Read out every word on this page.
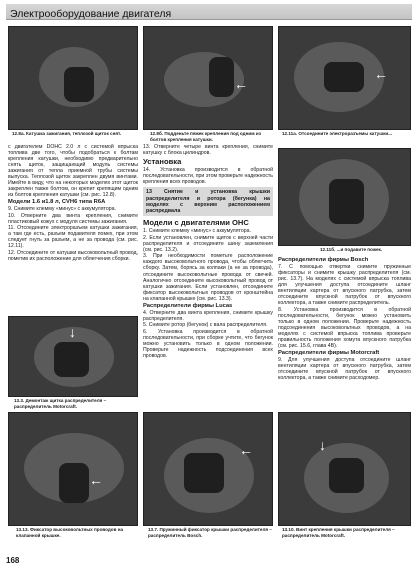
Электрооборудование двигателя
12.8а. Катушка зажигания, теплозой щиток снят.
←
12.8б. Подденьте пяжек крепления под одним из болтов крепления катушки.
←
12.11а. Отсоедините электроразъемы катушки...
12.11б. ...и подавите пожек.
↓
13.3. Демонтаж щитка распределителя – распределитель Motorcraft.
←
13.13. Фиксатор высоковольтных проводов на клапанной крышке.
←
13.7. Пружинный фиксатор крышки распределителя – распределитель Bosch.
↓
13.10. Винт крепления крышки распределителя – распределитель Motorcraft.

с двигателем DOHC 2.0 л с системой впрыска топлива две того, чтобы подобраться к болтам крепления катушки, необходимо предварительно снять щиток, защищающий модуль системы зажигания от тепла приемной трубы системы выпуска. Теплозой щиток закреплен двумя винтами. Имейте в виду, что на некоторых моделях этот щиток закреплен также болтом, он крепит крепящим одним из болтов крепления катушки (см. рис. 12.8).

Модели 1.6 и1.8 л, CVH6 типа R6A

9. Снимите клемму «минус» с аккумулятора.

10. Отверните два винта крепления, снимите пластиковый кожух с модуля системы зажигания.

11. Отсоедините электроразъем катушки зажигания, а там где есть, разъем подавителя помех, при этом следует гнуть за разъем, а не за провода (см. рис. 12.11).

12. Отсоедините от катушки высоковольтный провод, пометив их расположение для облегчения сборки.

13. Отверните четыре винта крепления, снимите катушку с блока цилиндров.

Установка

14. Установка производится в обратной последовательности, при этом проверьте надежность крепления всех проводов.

13 Снятие и установка крышки распределителя и ротора (бегунка) на моделях с верхним расположением распредвала
Модели с двигателями OHC

1. Снимите клемму «минус» с аккумулятора.

2. Если установлен, снимите щиток с верхней части распределителя и отсоедините шину заземления (см. рис. 13.2).

3. При необходимости пометьте расположение каждого высоковольтного провода, чтобы облегчить сборку. Затем, борясь за колпаки (а не за провода), отсоедините высоковольтные провода от свечей. Аналогично отсоедините высоковольтный провод от катушки зажигания. Если установлен, отсоедините фиксатор высоковольтных проводов от кронштейна на клапанной крышке (см. рис. 13.3).

Распределители фирмы Lucas

4. Отверните два винта крепления, снимите крышку распределителя.

5. Снимите ротор (бегунок) с вала распределителя.

6. Установка производится в обратной последовательности, при сборке учтите, что бегунок можно установить только в одном положении. Проверьте надежность подсоединения всех проводов.

Распределители фирмы Bosch

7. С помощью отвертки снимите пружинные фиксаторы и снимите крышку распределителя (см. рис. 13.7). На моделях с системой впрыска топлива для улучшения доступа отсоедините шланг вентиляции картера от впускного патрубка, затем отсоедините впускной патрубок от впускного коллектора, а также снимите распределитель.

8. Установка производится в обратной последовательности, бегунок можно установить только в одном положении. Проверьте надежность подсоединения высоковольтных проводов, а на моделях с системой впрыска топлива проверьте правильность положения хомута впускного патрубка (см. рис. 15.6, глава 4В).

Распределители фирмы Motorcraft

9. Для улучшения доступа отсоедините шланг вентиляции картера от впускного патрубка, затем отсоедините впускной патрубок от впускного коллектора, а также снимите расходомер.

168
